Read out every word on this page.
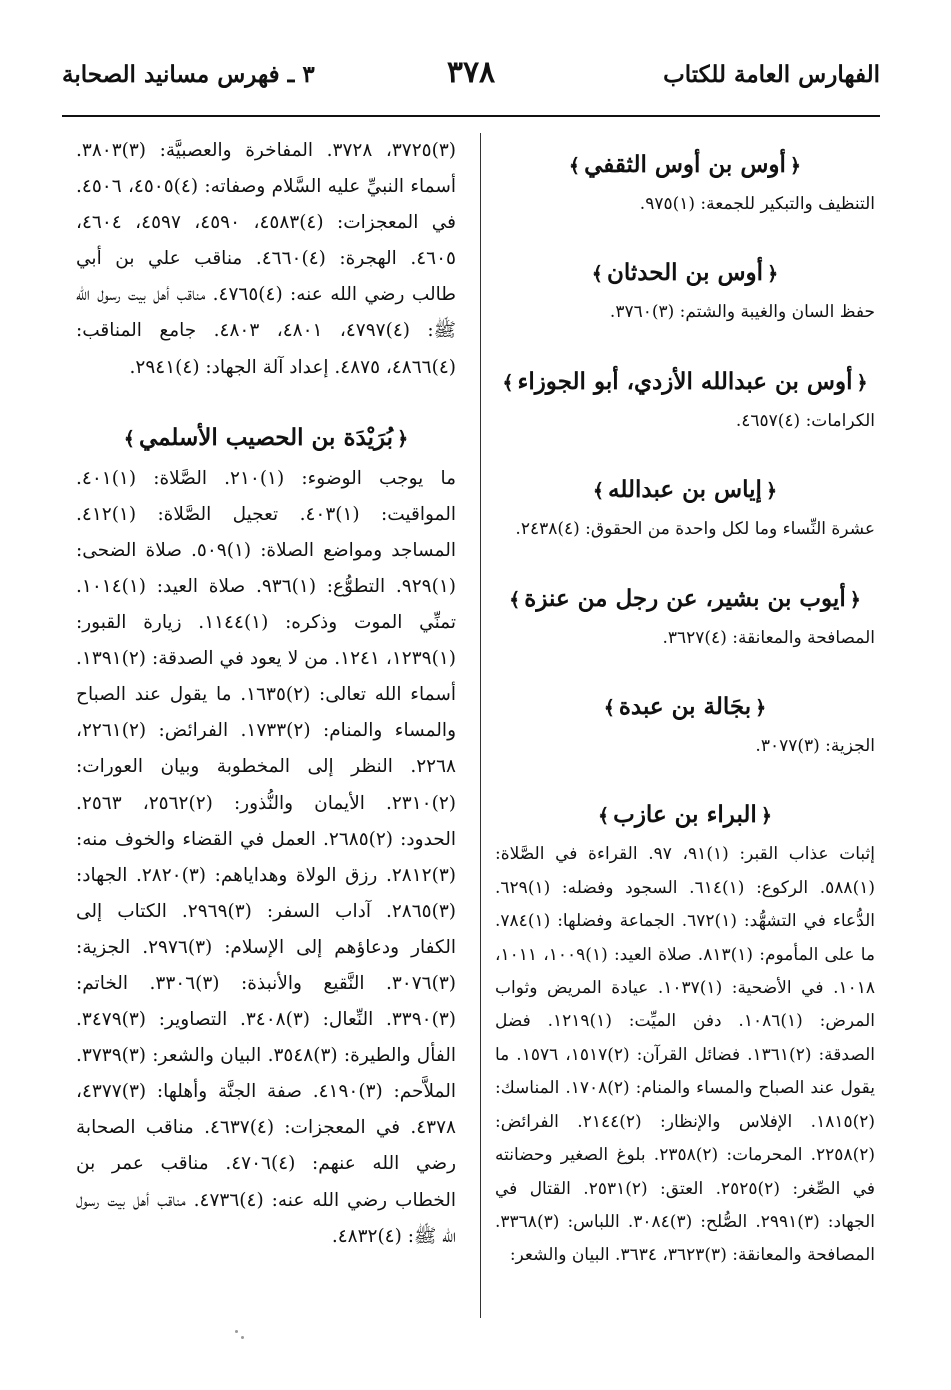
الفهارس العامة للكتاب
٣٧٨
٣ ـ فهرس مسانيد الصحابة
﴿أوس بن أوس الثقفي﴾
التنظيف والتبكير للجمعة: (١)٩٧٥.
﴿أوس بن الحدثان﴾
حفظ السان والغيبة والشتم: (٣)٣٧٦٠.
﴿أوس بن عبدالله الأزدي، أبو الجوزاء﴾
الكرامات: (٤)٤٦٥٧.
﴿إياس بن عبدالله﴾
عشرة النِّساء وما لكل واحدة من الحقوق: (٤)٢٤٣٨.
﴿أيوب بن بشير، عن رجل من عنزة﴾
المصافحة والمعانقة: (٤)٣٦٢٧.
﴿بجَالة بن عبدة﴾
الجزية: (٣)٣٠٧٧.
﴿البراء بن عازب﴾
إثبات عذاب القبر: (١)٩١، ٩٧. القراءة في الصَّلاة: (١)٥٨٨. الركوع: (١)٦١٤. السجود وفضله: (١)٦٢٩. الدُّعاء في التشهُّد: (١)٦٧٢. الجماعة وفضلها: (١)٧٨٤. ما على المأموم: (١)٨١٣. صلاة العيد: (١)١٠٠٩، ١٠١١، ١٠١٨. في الأضحية: (١)١٠٣٧. عيادة المريض وثواب المرض: (١)١٠٨٦. دفن الميِّت: (١)١٢١٩. فضل الصدقة: (٢)١٣٦١. فضائل القرآن: (٢)١٥١٧، ١٥٧٦. ما يقول عند الصباح والمساء والمنام: (٢)١٧٠٨. المناسك: (٢)١٨١٥. الإفلاس والإنظار: (٢)٢١٤٤. الفرائض: (٢)٢٢٥٨. المحرمات: (٢)٢٣٥٨. بلوغ الصغير وحضانته في الصِّغر: (٢)٢٥٢٥. العتق: (٢)٢٥٣١. القتال في الجهاد: (٣)٢٩٩١. الصُّلح: (٣)٣٠٨٤. اللباس: (٣)٣٣٦٨. المصافحة والمعانقة: (٣)٣٦٢٣، ٣٦٣٤. البيان والشعر:
(٣)٣٧٢٥، ٣٧٢٨. المفاخرة والعصبيَّة: (٣)٣٨٠٣. أسماء النبيِّ عليه السَّلام وصفاته: (٤)٤٥٠٥، ٤٥٠٦. في المعجزات: (٤)٤٥٨٣، ٤٥٩٠، ٤٥٩٧، ٤٦٠٤، ٤٦٠٥. الهجرة: (٤)٤٦٦٠. مناقب علي بن أبي طالب رضي الله عنه: (٤)٤٧٦٥. مناقب أهل بيت رسول الله ﷺ: (٤)٤٧٩٧، ٤٨٠١، ٤٨٠٣. جامع المناقب: (٤)٤٨٦٦، ٤٨٧٥. إعداد آلة الجهاد: (٤)٢٩٤١.
﴿بُرَيْدَة بن الحصيب الأسلمي﴾
ما يوجب الوضوء: (١)٢١٠. الصَّلاة: (١)٤٠١. المواقيت: (١)٤٠٣. تعجيل الصَّلاة: (١)٤١٢. المساجد ومواضع الصلاة: (١)٥٠٩. صلاة الضحى: (١)٩٢٩. التطوُّع: (١)٩٣٦. صلاة العيد: (١)١٠١٤. تمنِّي الموت وذكره: (١)١١٤٤. زيارة القبور: (١)١٢٣٩، ١٢٤١. من لا يعود في الصدقة: (٢)١٣٩١. أسماء الله تعالى: (٢)١٦٣٥. ما يقول عند الصباح والمساء والمنام: (٢)١٧٣٣. الفرائض: (٢)٢٢٦١، ٢٢٦٨. النظر إلى المخطوبة وبيان العورات: (٢)٢٣١٠. الأيمان والنُّذور: (٢)٢٥٦٢، ٢٥٦٣. الحدود: (٢)٢٦٨٥. العمل في القضاء والخوف منه: (٣)٢٨١٢. رزق الولاة وهداياهم: (٣)٢٨٢٠. الجهاد: (٣)٢٨٦٥. آداب السفر: (٣)٢٩٦٩. الكتاب إلى الكفار ودعاؤهم إلى الإسلام: (٣)٢٩٧٦. الجزية: (٣)٣٠٧٦. النَّقيع والأنبذة: (٣)٣٣٠٦. الخاتم: (٣)٣٣٩٠. النِّعال: (٣)٣٤٠٨. التصاوير: (٣)٣٤٧٩. الفأل والطيرة: (٣)٣٥٤٨. البيان والشعر: (٣)٣٧٣٩. الملاَّحم: (٣)٤١٩٠. صفة الجنَّة وأهلها: (٣)٤٣٧٧، ٤٣٧٨. في المعجزات: (٤)٤٦٣٧. مناقب الصحابة رضي الله عنهم: (٤)٤٧٠٦. مناقب عمر بن الخطاب رضي الله عنه: (٤)٤٧٣٦. مناقب أهل بيت رسول الله ﷺ: (٤)٤٨٣٢.
